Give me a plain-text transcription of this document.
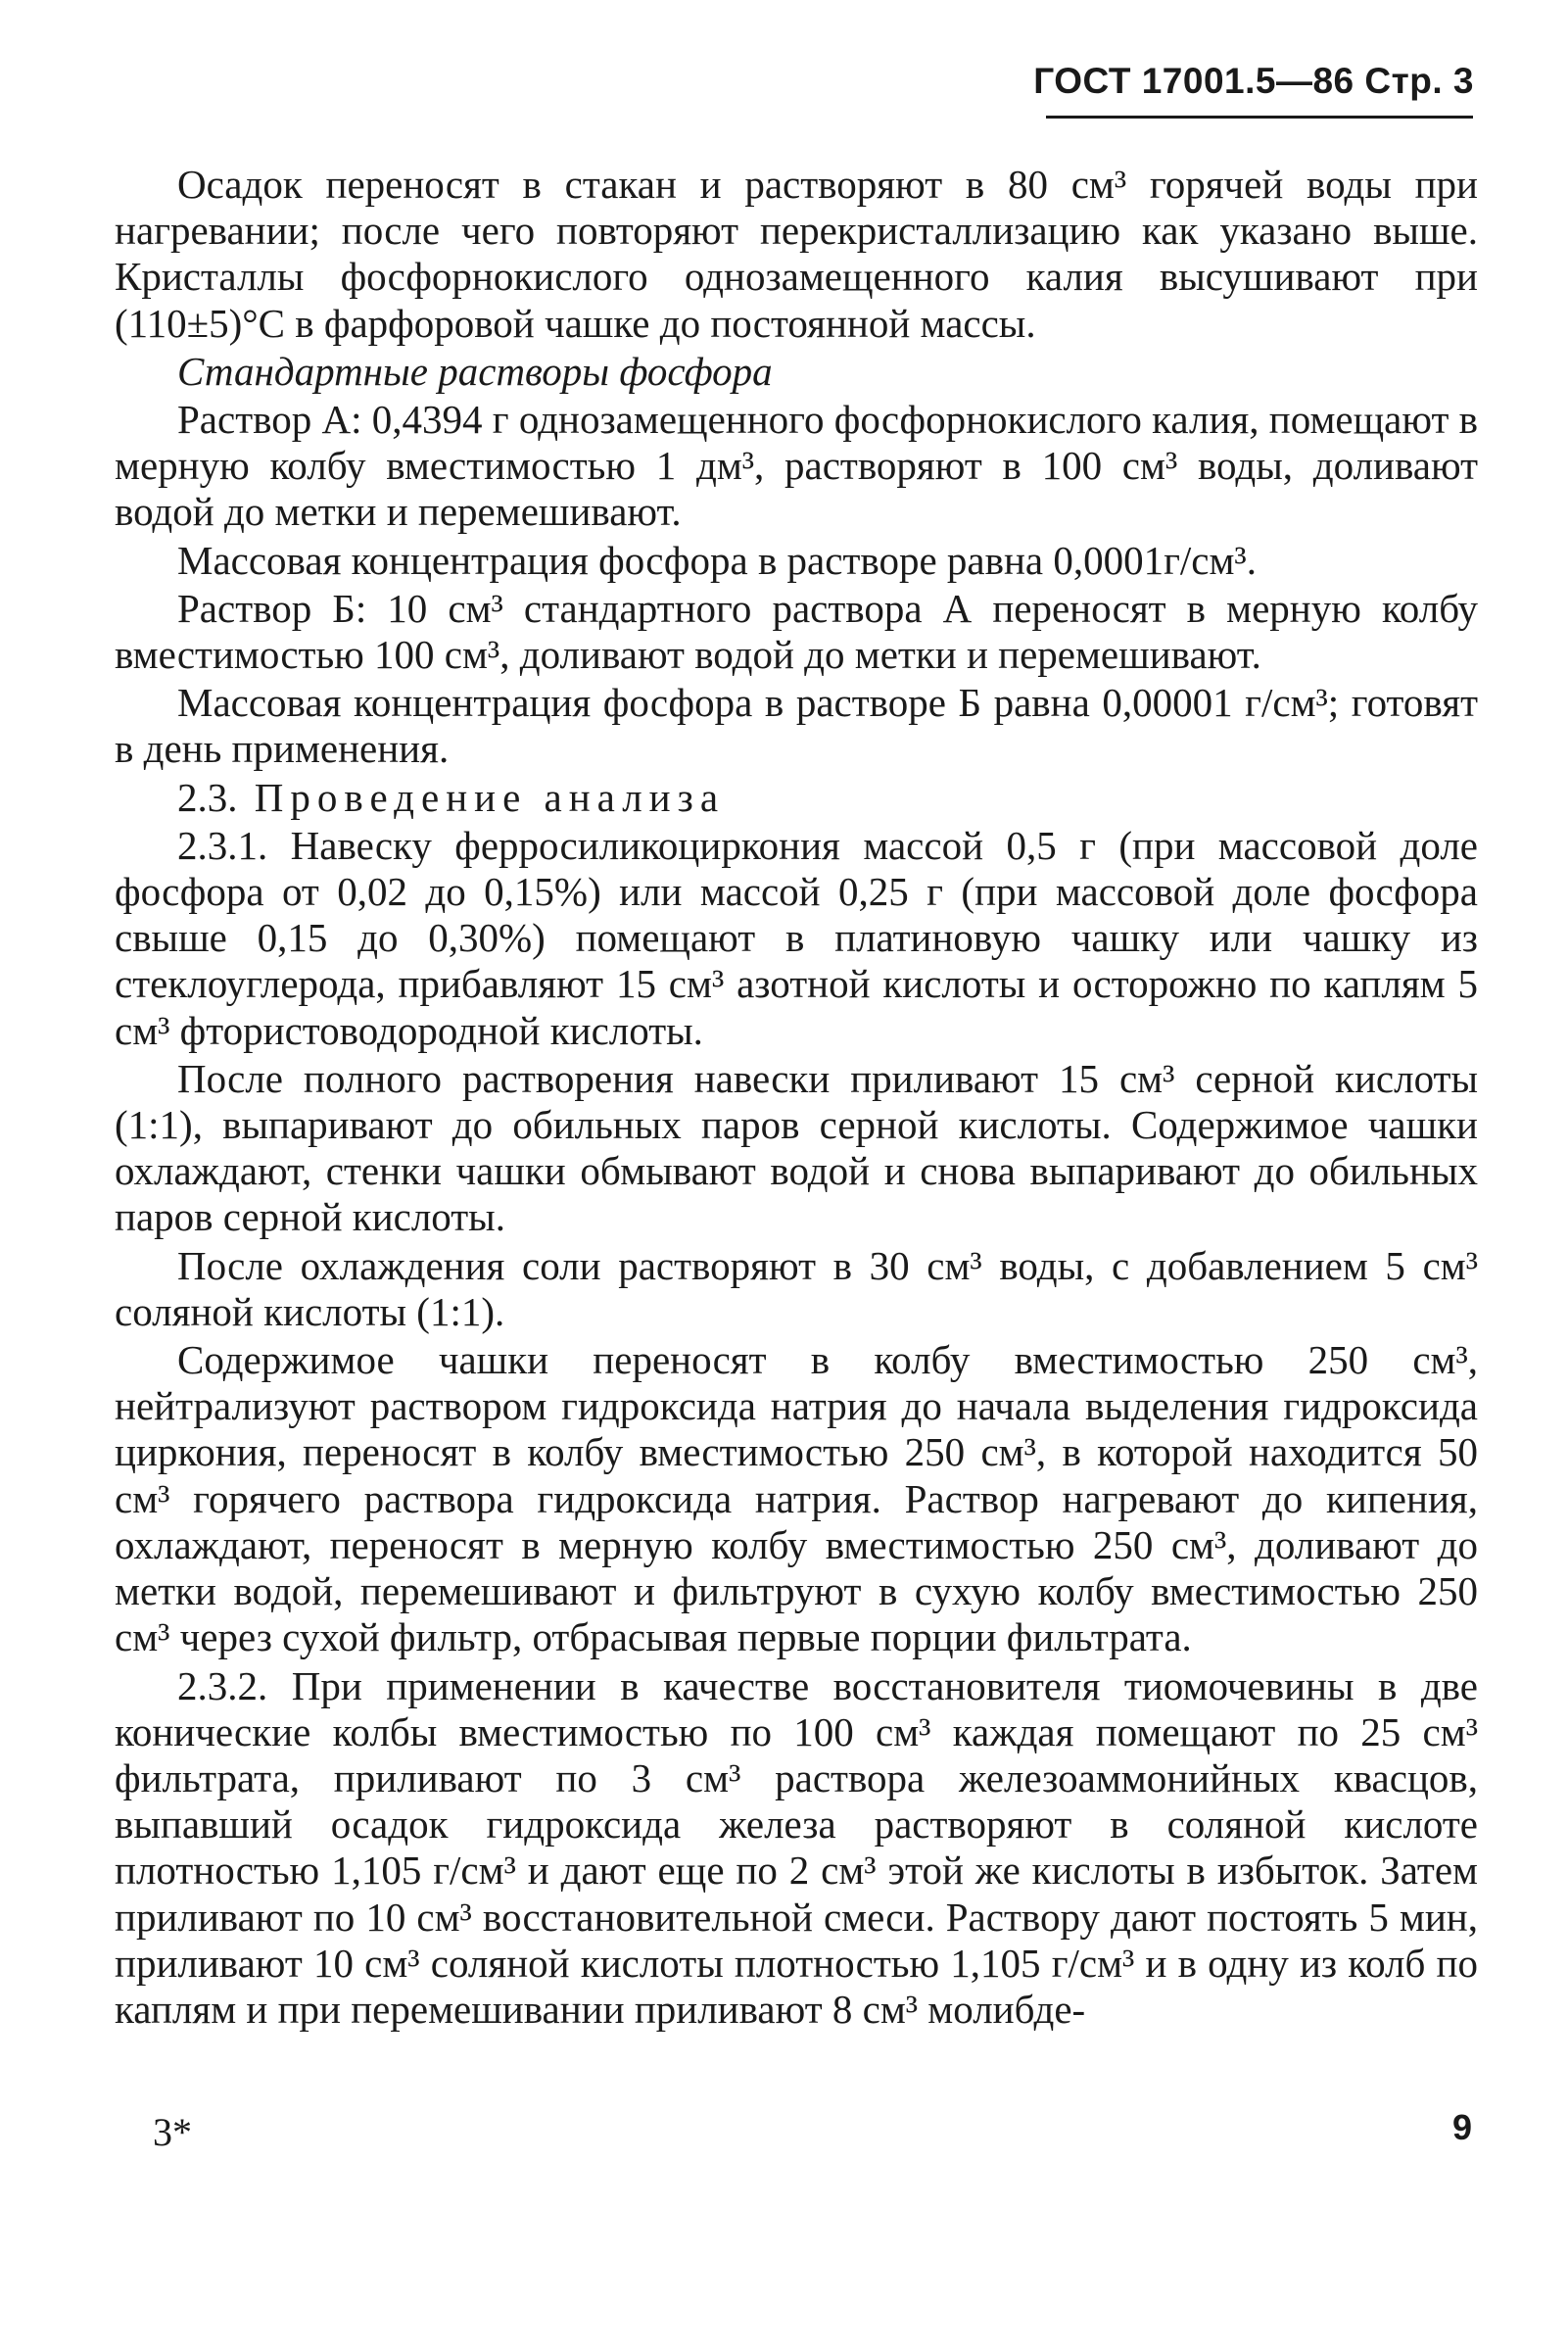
ГОСТ 17001.5—86 Стр. 3

Осадок переносят в стакан и растворяют в 80 см³ горячей воды при нагревании; после чего повторяют перекристаллизацию как указано выше. Кристаллы фосфорнокислого однозамещенного калия высушивают при (110±5)°С в фарфоровой чашке до постоянной массы.

Стандартные растворы фосфора

Раствор А: 0,4394 г однозамещенного фосфорнокислого калия, помещают в мерную колбу вместимостью 1 дм³, растворяют в 100 см³ воды, доливают водой до метки и перемешивают.

Массовая концентрация фосфора в растворе равна 0,0001г/см³.

Раствор Б: 10 см³ стандартного раствора А переносят в мерную колбу вместимостью 100 см³, доливают водой до метки и перемешивают.

Массовая концентрация фосфора в растворе Б равна 0,00001 г/см³; готовят в день применения.

2.3. Проведение анализа

2.3.1. Навеску ферросиликоциркония массой 0,5 г (при массовой доле фосфора от 0,02 до 0,15%) или массой 0,25 г (при массовой доле фосфора свыше 0,15 до 0,30%) помещают в платиновую чашку или чашку из стеклоуглерода, прибавляют 15 см³ азотной кислоты и осторожно по каплям 5 см³ фтористоводородной кислоты.

После полного растворения навески приливают 15 см³ серной кислоты (1:1), выпаривают до обильных паров серной кислоты. Содержимое чашки охлаждают, стенки чашки обмывают водой и снова выпаривают до обильных паров серной кислоты.

После охлаждения соли растворяют в 30 см³ воды, с добавлением 5 см³ соляной кислоты (1:1).

Содержимое чашки переносят в колбу вместимостью 250 см³, нейтрализуют раствором гидроксида натрия до начала выделения гидроксида циркония, переносят в колбу вместимостью 250 см³, в которой находится 50 см³ горячего раствора гидроксида натрия. Раствор нагревают до кипения, охлаждают, переносят в мерную колбу вместимостью 250 см³, доливают до метки водой, перемешивают и фильтруют в сухую колбу вместимостью 250 см³ через сухой фильтр, отбрасывая первые порции фильтрата.

2.3.2. При применении в качестве восстановителя тиомочевины в две конические колбы вместимостью по 100 см³ каждая помещают по 25 см³ фильтрата, приливают по 3 см³ раствора железоаммонийных квасцов, выпавший осадок гидроксида железа растворяют в соляной кислоте плотностью 1,105 г/см³ и дают еще по 2 см³ этой же кислоты в избыток. Затем приливают по 10 см³ восстановительной смеси. Раствору дают постоять 5 мин, приливают 10 см³ соляной кислоты плотностью 1,105 г/см³ и в одну из колб по каплям и при перемешивании приливают 8 см³ молибде-

3*	9
